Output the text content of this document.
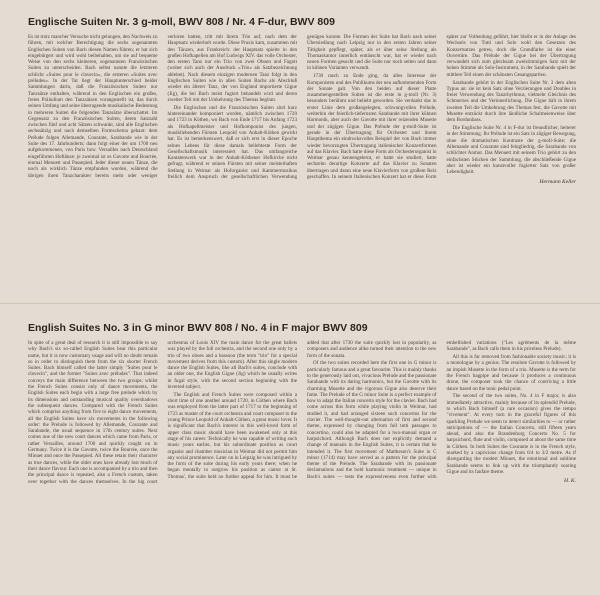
Englische Suiten Nr. 3 g-moll, BWV 808 / Nr. 4 F-dur, BWV 809

Es ist trotz mancher Versuche nicht gelungen, den Nachweis zu führen, mit welcher Berechtigung die sechs sogenannten Englischen Suiten von Bach diesen Namen führen; er hat sich eingebürgert und wird wohl beibehalten, um sie auf bequeme Weise von den sechs kleineren, sogenannten Französischen Suiten zu unterscheiden. Bach selbst nannte die letzteren schlicht »Suites pour le clavecin«, die ersteren »Suites avec préludes«. In der Tat liegt der Hauptunterschied beider Sammlungen darin, daß die Französischen Suiten nur Tanzsätze enthalten, während in den Englischen ein großes, freies Präludium den Tanzsätzen vorangestellt ist, das durch seinen Umfang und seine überragende musikalische Bedeutung in mehreren Suiten die folgenden Tanzsätze überschattet. Im Gegensatz zu den Französischen Suiten, deren Satzzahl zwischen fünf und acht Sätzen schwankt, sind alle Englischen sechssätzig und nach demselben Formschema gebaut: dem Prélude folgen Allemande, Courante, Sarabande wie in der Suite des 17. Jahrhunderts; dann folgt einer der um 1700 neu aufgekommenen, von Paris bzw. Versailles nach Deutschland eingeführten Hoftänze: je zweimal ist es Gavotte und Bourrée, einmal Menuett und Passepied. Jeder dieser neuen Tänze, die noch als wirklich Tänze empfunden wurden, während die übrigen ihren Tanzcharakter bereits mehr oder weniger verloren hatten, tritt mit ihrem Trio auf, nach dem der Hauptsatz wiederholt wurde. Diese Praxis kam, zusammen mit den Tänzen, aus Frankreich: der Hauptsatz spielte in den großen Hofkapellen am Hof Ludwigs XIV. das volle Orchester, den ersten Tanz nur ein Trio von zwei Oboen und Fagott (woher sich auch der Ausdruck »Trio« als Satzbezeichnung ableitet). Nach diesem einzigen modernen Tanz folgt in den Englischen Suiten wie in allen Suiten Bachs als Abschluß wieder ein älterer Tanz, der von England importierte Gigue (Jig), die bei Bach meist fugiert behandelt wird und deren zweiter Teil mit der Umkehrung des Themas beginnt.

Die Englischen und die Französischen Suiten sind kurz hintereinander komponiert worden, nämlich zwischen 1720 und 1723 in Köthen, wo Bach von Ende 1717 bis Anfang 1723 als Hofkapellmeister und Hofkomponist des jungen, musikliebenden Fürsten Leopold von Anhalt-Köthen gewirkt hat. Es ist bemerkenswert, daß er sich erst in dieser Epoche seines Lebens für diese damals beliebteste Form der Gesellschaftsmusik interessiert hat. Das umfangreiche Kantatenwerk war in der Anhalt-Köthener Hofkirche nicht gefragt, während er seinen Fürsten mit seiner meisterhaften Stellung in Weimar als Hoforganist und Kammermusikus freilich dem Anspruch der gesellschaftlichen Verwendung genügen konnte. Die Formen der Suite hat Bach nach seiner Übersiedlung nach Leipzig nur in den ersten Jahren seiner Tätigkeit gepflegt, später, als er über seine Stellung als Thomaskantor innerlich enttäuscht war, hat er wieder nach neuen Formen gesucht und die Suite nur noch selten und dann in kühnen Varianten verwandt.

1730 rasch zu Ende ging, da alles Interesse der Komponisten und des Publikums der neu aufkommenden Form der Sonate galt. Von den beiden auf dieser Platte zusammengestellten Suiten ist die erste in g-moll (Nr. 3) besonders berühmt und beliebt geworden. Sie verdankt das in erster Linie dem großangelegten, schwungvollen Prélude, weiterhin der feierlich-tiefernsten Sarabande mit ihrer kühnen Harmonik, aber auch der Gavotte mit ihrer reizenden Musette und der zügigen Gigue. Das Prélude der g-moll-Suite ist gerade in der Übertragung für Orchester und ihrem Hauptthema ein eindrucksvolles Beispiel der von Bach immer wieder bevorzugten Übertragung italienischer Konzertformen auf das Klavier. Bach hatte diese Form als Orchesterorganist in Weimar genau kennengelernt, er hatte sie studiert, hatte sechzehn derartige Konzerte auf das Klavier zu Sonaten übertragen und daran eine neue Klavierform von großem Reiz geschaffen. In seinem Italienischen Konzert hat er diese Form später zur Vollendung geführt, hier bleibt er in der Anlage des Wechsels von Tutti und Solo wohl den Gesetzen des Konzertsatzes getreu, doch die Grundfarbe ist die einer Ouvertüre. Das Prélude der Gigue bei der Übertragung verwandelt sich zum gleichsam zweistimmigen Satz mit der hohen Stimme als Solo-Instrument, in der Sarabande spielt der mittlere Teil einen der schönsten Gesangspartien.

Sarabande gehört in der Englischen Suite Nr. 3 dem alten Typus an: sie ist kein Satz ohne Verzierungen und Doubles in freier Verwendung des Tanzrhythmus, vielmehr Gleichnis des Schmerzes und der Verinnerlichung. Die Gigue hält in ihrem zweiten Teil die Umkehrung des Themas fest, die Gavotte mit Musette entzückt durch ihre ländliche Schalmeienweise über dem Bordunbass.

Die Englische Suite Nr. 4 in F-dur ist freundlicher, heiterer in der Stimmung. Ihr Prélude ist ein Satz in zügiger Bewegung, ohne die dramatischen Kontraste der g-moll-Suite; die Allemande und Courante sind feingliedrig, die Sarabande von schlichter Anmut. Das Menuett mit seinem Trio gehört zu den einfachsten Stücken der Sammlung, die abschließende Gigue aber ist wieder ein kunstvoller fugierter Satz von großer Lebendigkeit.

Hermann Keller
English Suites No. 3 in G minor BWV 808 / No. 4 in F major BWV 809

In spite of a great deal of research it is still impossible to say why Bach's six so-called English Suites bear this particular name, but it is now customary usage and will no doubt remain so in order to distinguish them from the six shorter French Suites. Bach himself called the latter simply "Suites pour le clavecin", and the former "Suites avec préludes". That indeed conveys the main difference between the two groups: whilst the French Suites consist only of dance movements, the English Suites each begin with a large free prelude which by its dimensions and outstanding musical quality overshadows the subsequent dances. Compared with the French Suites which comprise anything from five to eight dance movements, all the English Suites have six movements in the following order: the Prelude is followed by Allemande, Courante and Sarabande, the usual sequence in 17th century suites. Next comes one of the new court dances which came from Paris, or rather Versailles, around 1700 and quickly caught on in Germany. Twice it is the Gavotte, twice the Bourrée, once the Minuet and once the Passepied. All these retain their character as true dances, while the older ones have already lost much of their dance flavour. Each one is accompanied by a trio and then the principal dance is repeated, also a French custom, taken over together with the dances themselves. In the big court orchestras of Louis XIV the main dance for the great ballets was played by the full orchestra, and the second one only by a trio of two oboes and a bassoon (the term "trio" for a special movement derives from this custom). After this single modern dance the English Suites, like all Bach's suites, conclude with an older one, the English Gigue (Jig) which he usually writes in fugal style, with the second section beginning with the inverted subject.

The English and French Suites were composed within a short time of one another around 1720, in Cöthen where Bach was employed from the latter part of 1717 to the beginning of 1723 as master of the court orchestra and court composer to the young Prince Leopold of Anhalt-Cöthen, a great music lover. It is significant that Bach's interest in this well-loved form of upper class music should have been awakened only at this stage of his career. Technically he was capable of writing such music years earlier, but his subordinate position as court organist and chamber musician in Weimar did not permit him any social prominence. Later on in Leipzig he was intrigued by the form of the suite during his early years there; when he began mentally to outgrow his position as cantor at St. Thomas', the suite held no further appeal for him. It must be added that after 1730 the suite quickly lost in popularity, as composers and audience alike turned their attention to the new form of the sonata.

Of the two suites recorded here the first one in G minor is particularly famous and a great favourite. This is mainly thanks to the generously laid out, vivacious Prelude and the passionate Sarabande with its daring harmonics, but the Gavotte with its charming Musette and the vigorous Gigue also deserve their fame. The Prelude of the G minor Suite is a perfect example of how to adapt the Italian concerto style for the clavier. Bach had come across this form while playing violin in Weimar, had studied it, and had arranged sixteen such concertos for the clavier. The well-thought-out alternation of first and second theme, expressed by changing from full tutti passages to concertino, could also be adapted for a two-manual organ or harpsichord. Although Bach does not explicitly demand a change of manuals in the English Suites, it is certain that he intended it. The first movement of Mattheson's Suite in C minor (1714) may have served as a pattern for the principal theme of the Prelude. The Sarabande with its passionate declamations and the bold harmonic treatment — unique in Bach's suites — tests the expressiveness even further with embellished variations ("Les agréments de la même Sarabande", as Bach calls them in his priceless Prelude).

All this is far removed from fashionable society music; it is a monologue by a genius. The resolute Gavotte is followed by an impish Musette in the form of a trio. Musette is the term for the French bagpipe and because it produces a continuous drone, the composer took the chance of contriving a little dance based on the tonic pedal point.

The second of the two suites, No. 4 in F major, is also immediately attractive, mainly because of its splendid Prelude, to which Bach himself (a rare occasion) gives the tempo "vivement". At every turn in the graceful figures of this sparkling Prelude we seem to detect similarities to — or rather anticipations of — the Italian Concerto, still fifteen years ahead, and also the Brandenburg Concerto No. 5 for harpsichord, flute and violin, composed at about the same time in Cöthen. In both Suites the Courante is in the French style, marked by a capricious change from 6/4 to 3/2 metre. As if disregarding the modest Minuet, the emotional and sublime Sarabande seems to link up with the triumphantly soaring Gigue and its fanfare theme.

H. K.
